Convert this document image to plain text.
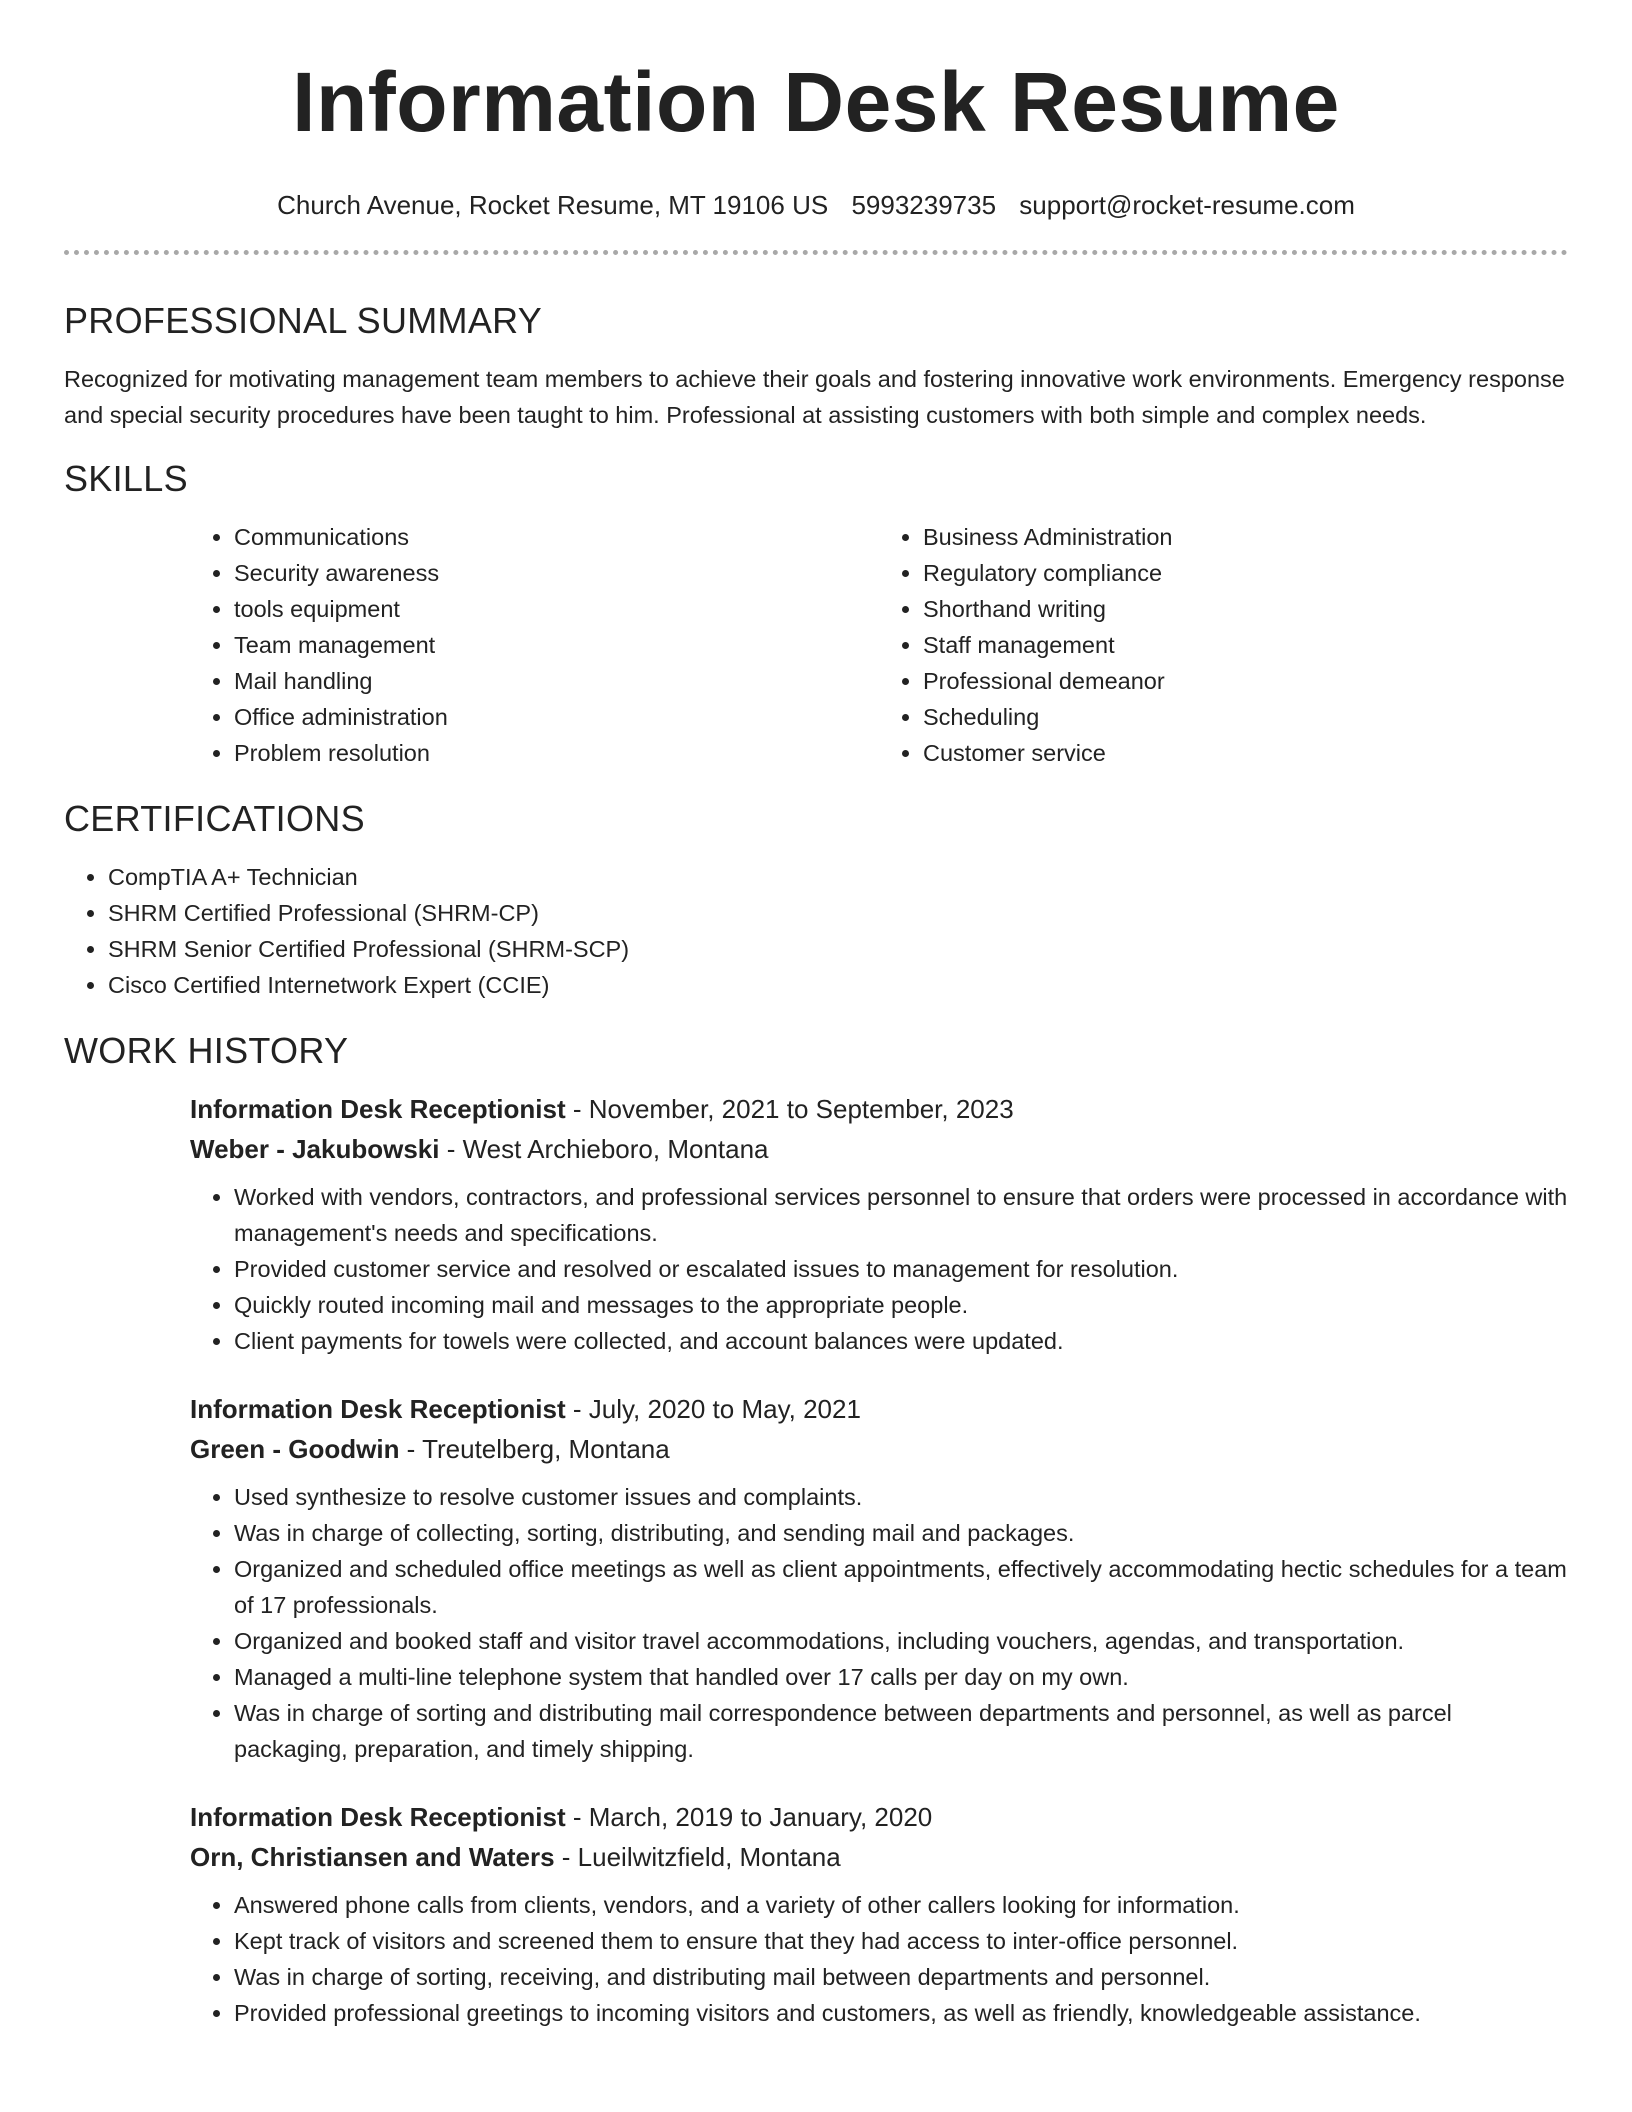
Information Desk Resume
Church Avenue, Rocket Resume, MT 19106 US 5993239735 support@rocket-resume.com
PROFESSIONAL SUMMARY

Recognized for motivating management team members to achieve their goals and fostering innovative work environments. Emergency response and special security procedures have been taught to him. Professional at assisting customers with both simple and complex needs.

SKILLS
• Communications
• Security awareness
• tools equipment
• Team management
• Mail handling
• Office administration
• Problem resolution
• Business Administration
• Regulatory compliance
• Shorthand writing
• Staff management
• Professional demeanor
• Scheduling
• Customer service
CERTIFICATIONS
• CompTIA A+ Technician
• SHRM Certified Professional (SHRM-CP)
• SHRM Senior Certified Professional (SHRM-SCP)
• Cisco Certified Internetwork Expert (CCIE)
WORK HISTORY
Information Desk Receptionist - November, 2021 to September, 2023
Weber - Jakubowski - West Archieboro, Montana
• Worked with vendors, contractors, and professional services personnel to ensure that orders were processed in accordance with management's needs and specifications.
• Provided customer service and resolved or escalated issues to management for resolution.
• Quickly routed incoming mail and messages to the appropriate people.
• Client payments for towels were collected, and account balances were updated.
Information Desk Receptionist - July, 2020 to May, 2021
Green - Goodwin - Treutelberg, Montana
• Used synthesize to resolve customer issues and complaints.
• Was in charge of collecting, sorting, distributing, and sending mail and packages.
• Organized and scheduled office meetings as well as client appointments, effectively accommodating hectic schedules for a team of 17 professionals.
• Organized and booked staff and visitor travel accommodations, including vouchers, agendas, and transportation.
• Managed a multi-line telephone system that handled over 17 calls per day on my own.
• Was in charge of sorting and distributing mail correspondence between departments and personnel, as well as parcel packaging, preparation, and timely shipping.
Information Desk Receptionist - March, 2019 to January, 2020
Orn, Christiansen and Waters - Lueilwitzfield, Montana
• Answered phone calls from clients, vendors, and a variety of other callers looking for information.
• Kept track of visitors and screened them to ensure that they had access to inter-office personnel.
• Was in charge of sorting, receiving, and distributing mail between departments and personnel.
• Provided professional greetings to incoming visitors and customers, as well as friendly, knowledgeable assistance.
